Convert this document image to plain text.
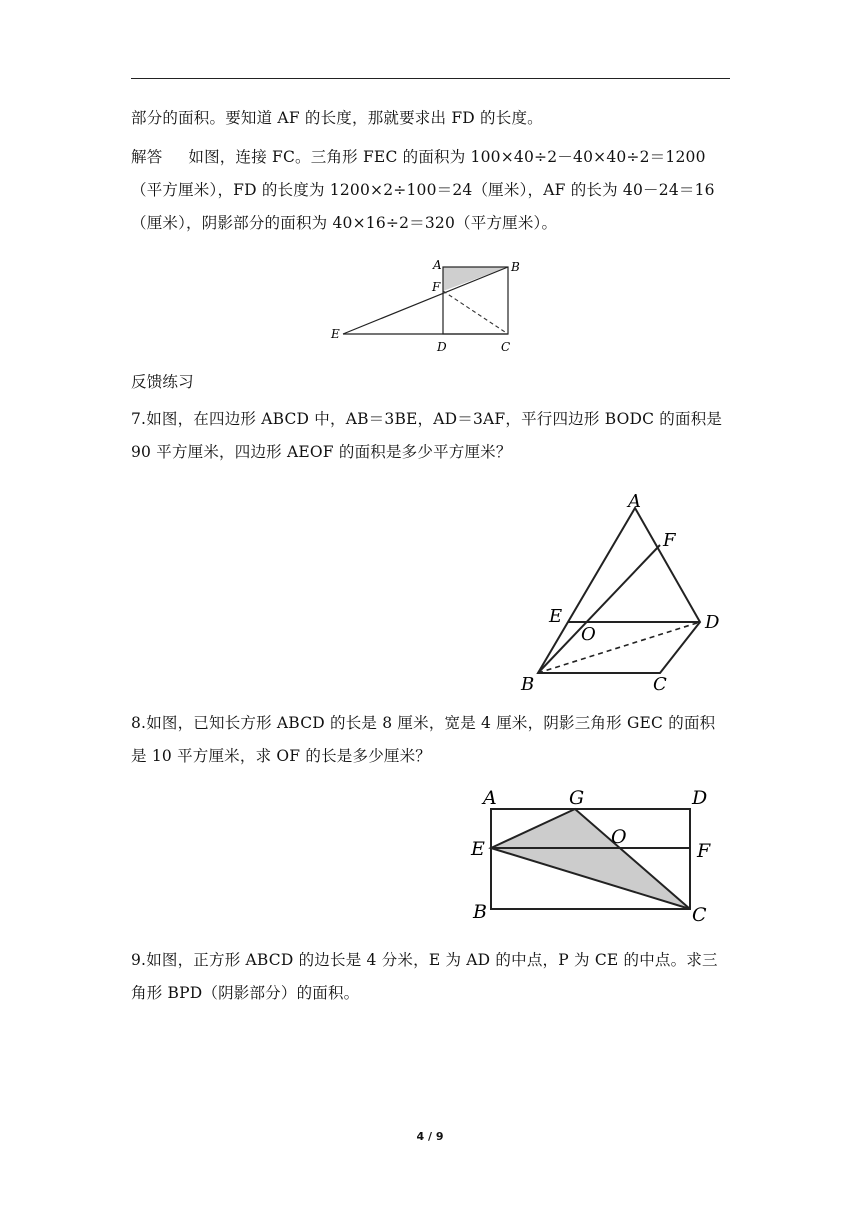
部分的面积。要知道 AF 的长度，那就要求出 FD 的长度。

解答 如图，连接 FC。三角形 FEC 的面积为 100×40÷2－40×40÷2＝1200（平方厘米），FD 的长度为 1200×2÷100＝24（厘米），AF 的长为 40－24＝16（厘米），阴影部分的面积为 40×16÷2＝320（平方厘米）。

A	B
F
E
D	C

反馈练习

7.如图，在四边形 ABCD 中，AB＝3BE，AD＝3AF，平行四边形 BODC 的面积是 90 平方厘米，四边形 AEOF 的面积是多少平方厘米？

A
F
E
O
D
B	C

8.如图，已知长方形 ABCD 的长是 8 厘米，宽是 4 厘米，阴影三角形 GEC 的面积是 10 平方厘米，求 OF 的长是多少厘米？

A	G	D
E
O
F
B	C

9.如图，正方形 ABCD 的边长是 4 分米，E 为 AD 的中点，P 为 CE 的中点。求三角形 BPD（阴影部分）的面积。

4 / 9
